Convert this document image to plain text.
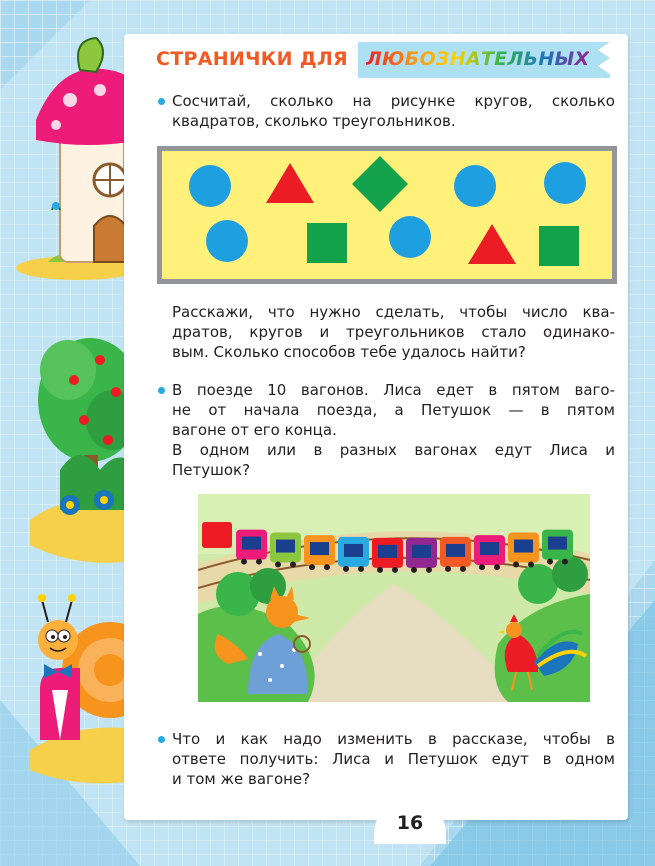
СТРАНИЧКИ ДЛЯ ЛЮБОЗНАТЕЛЬНЫХ
Сосчитай, сколько на рисунке кругов, сколько
квадратов, сколько треугольников.
Расскажи, что нужно сделать, чтобы число ква-
дратов, кругов и треугольников стало одинако-
вым. Сколько способов тебе удалось найти?
В поезде 10 вагонов. Лиса едет в пятом ваго-
не от начала поезда, а Петушок — в пятом
вагоне от его конца.
В одном или в разных вагонах едут Лиса и
Петушок?
Что и как надо изменить в рассказе, чтобы в
ответе получить: Лиса и Петушок едут в одном
и том же вагоне?
16
